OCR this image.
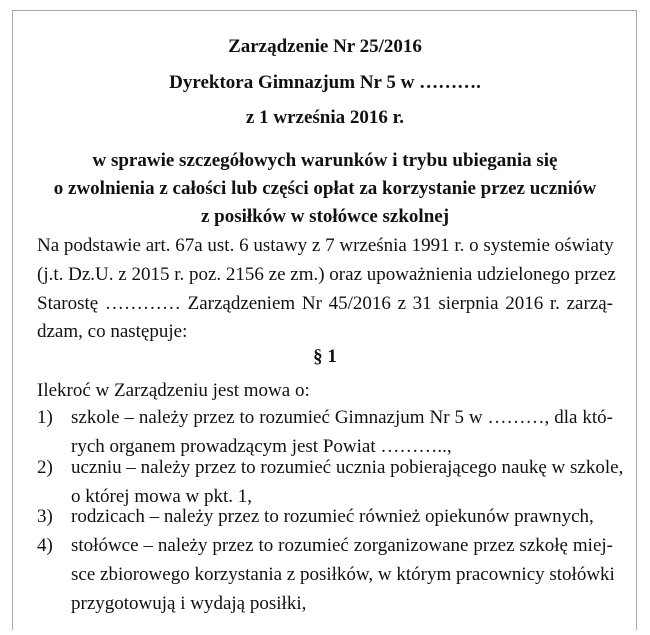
Zarządzenie Nr 25/2016
Dyrektora Gimnazjum Nr 5 w ……….
z 1 września 2016 r.
w sprawie szczegółowych warunków i trybu ubiegania się
o zwolnienia z całości lub części opłat za korzystanie przez uczniów
z posiłków w stołówce szkolnej
Na podstawie art. 67a ust. 6 ustawy z 7 września 1991 r. o systemie oświaty
(j.t. Dz.U. z 2015 r. poz. 2156 ze zm.) oraz upoważnienia udzielonego przez
Starostę ………… Zarządzeniem Nr 45/2016 z 31 sierpnia 2016 r. zarzą-
dzam, co następuje:
§ 1
Ilekroć w Zarządzeniu jest mowa o:
1) szkole – należy przez to rozumieć Gimnazjum Nr 5 w ………, dla któ-
rych organem prowadzącym jest Powiat ………..,
2) uczniu – należy przez to rozumieć ucznia pobierającego naukę w szkole,
o której mowa w pkt. 1,
3) rodzicach – należy przez to rozumieć również opiekunów prawnych,
4) stołówce – należy przez to rozumieć zorganizowane przez szkołę miej-
sce zbiorowego korzystania z posiłków, w którym pracownicy stołówki
przygotowują i wydają posiłki,
